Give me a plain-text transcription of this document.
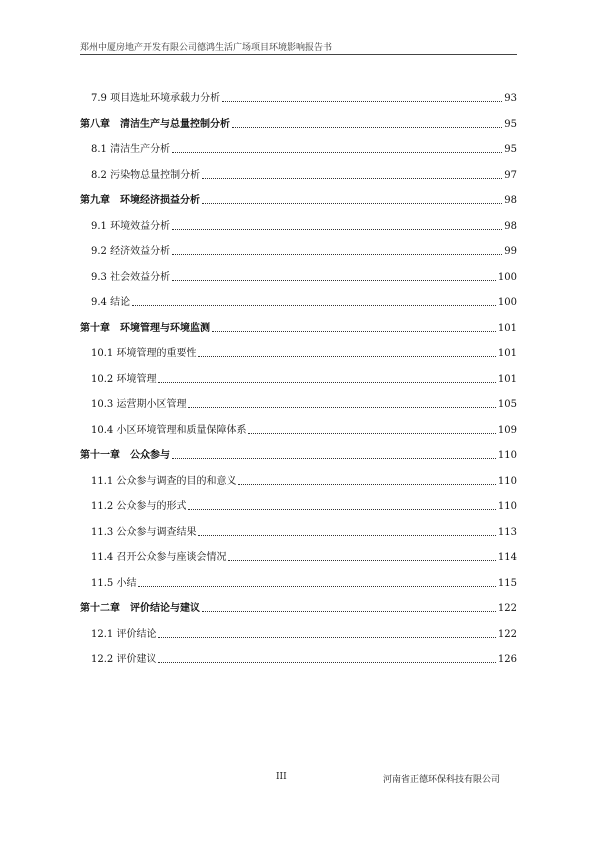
郑州中厦房地产开发有限公司德鸿生活广场项目环境影响报告书
7.9 项目选址环境承载力分析	93
第八章　清洁生产与总量控制分析	95
8.1 清洁生产分析	95
8.2 污染物总量控制分析	97
第九章　环境经济损益分析	98
9.1 环境效益分析	98
9.2 经济效益分析	99
9.3 社会效益分析	100
9.4 结论	100
第十章　环境管理与环境监测	101
10.1 环境管理的重要性	101
10.2 环境管理	101
10.3 运营期小区管理	105
10.4 小区环境管理和质量保障体系	109
第十一章　公众参与	110
11.1 公众参与调查的目的和意义	110
11.2 公众参与的形式	110
11.3 公众参与调查结果	113
11.4 召开公众参与座谈会情况	114
11.5 小结	115
第十二章　评价结论与建议	122
12.1 评价结论	122
12.2 评价建议	126
III	河南省正德环保科技有限公司
